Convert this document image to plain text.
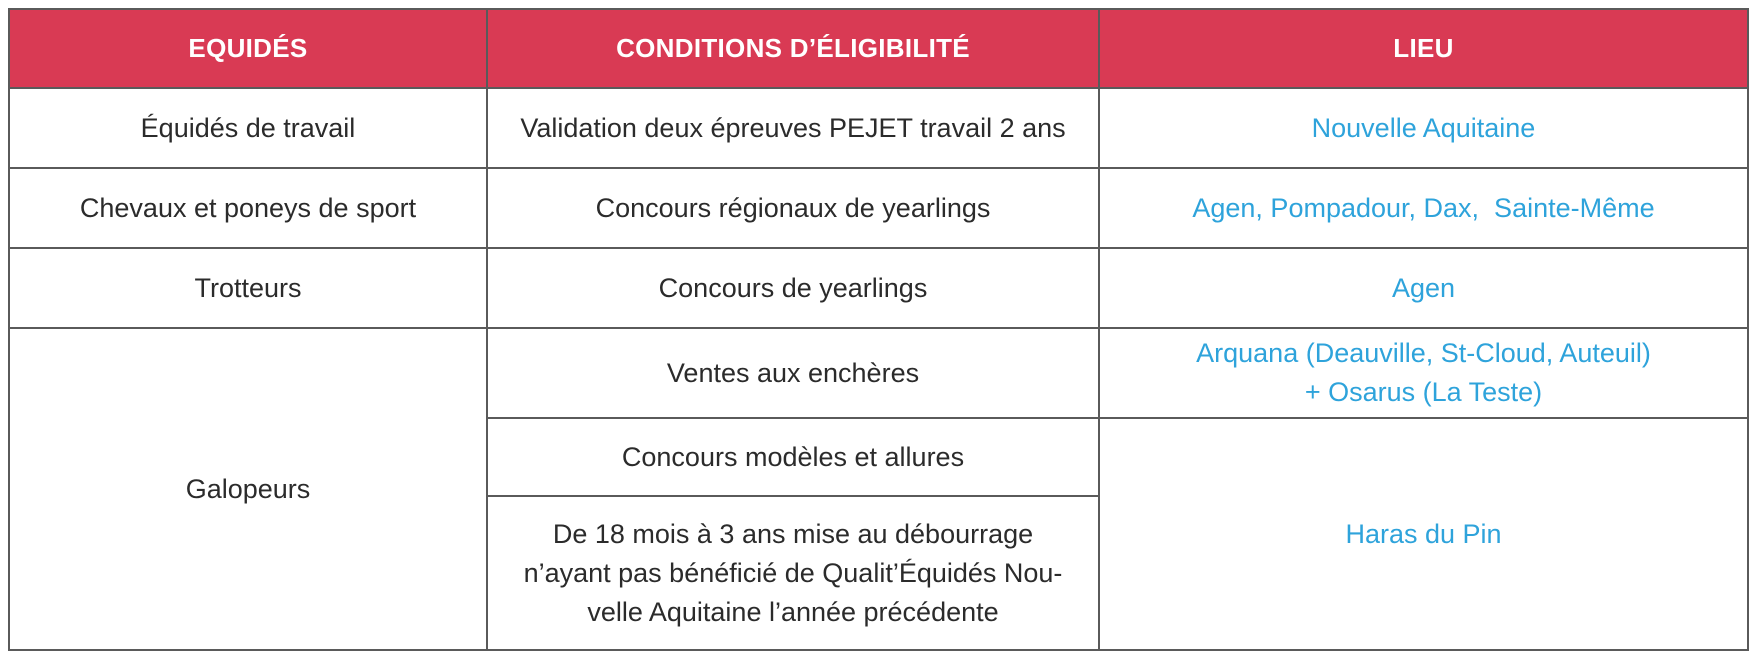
EQUIDÉS	CONDITIONS D’ÉLIGIBILITÉ	LIEU
Équidés de travail	Validation deux épreuves PEJET travail 2 ans	Nouvelle Aquitaine
Chevaux et poneys de sport	Concours régionaux de yearlings	Agen, Pompadour, Dax,  Sainte-Même
Trotteurs	Concours de yearlings	Agen
Galopeurs	Ventes aux enchères	Arquana (Deauville, St-Cloud, Auteuil)
+ Osarus (La Teste)

	Concours modèles et allures	Haras du Pin

	De 18 mois à 3 ans mise au débourrage
n’ayant pas bénéficié de Qualit’Équidés Nou-
velle Aquitaine l’année précédente	
